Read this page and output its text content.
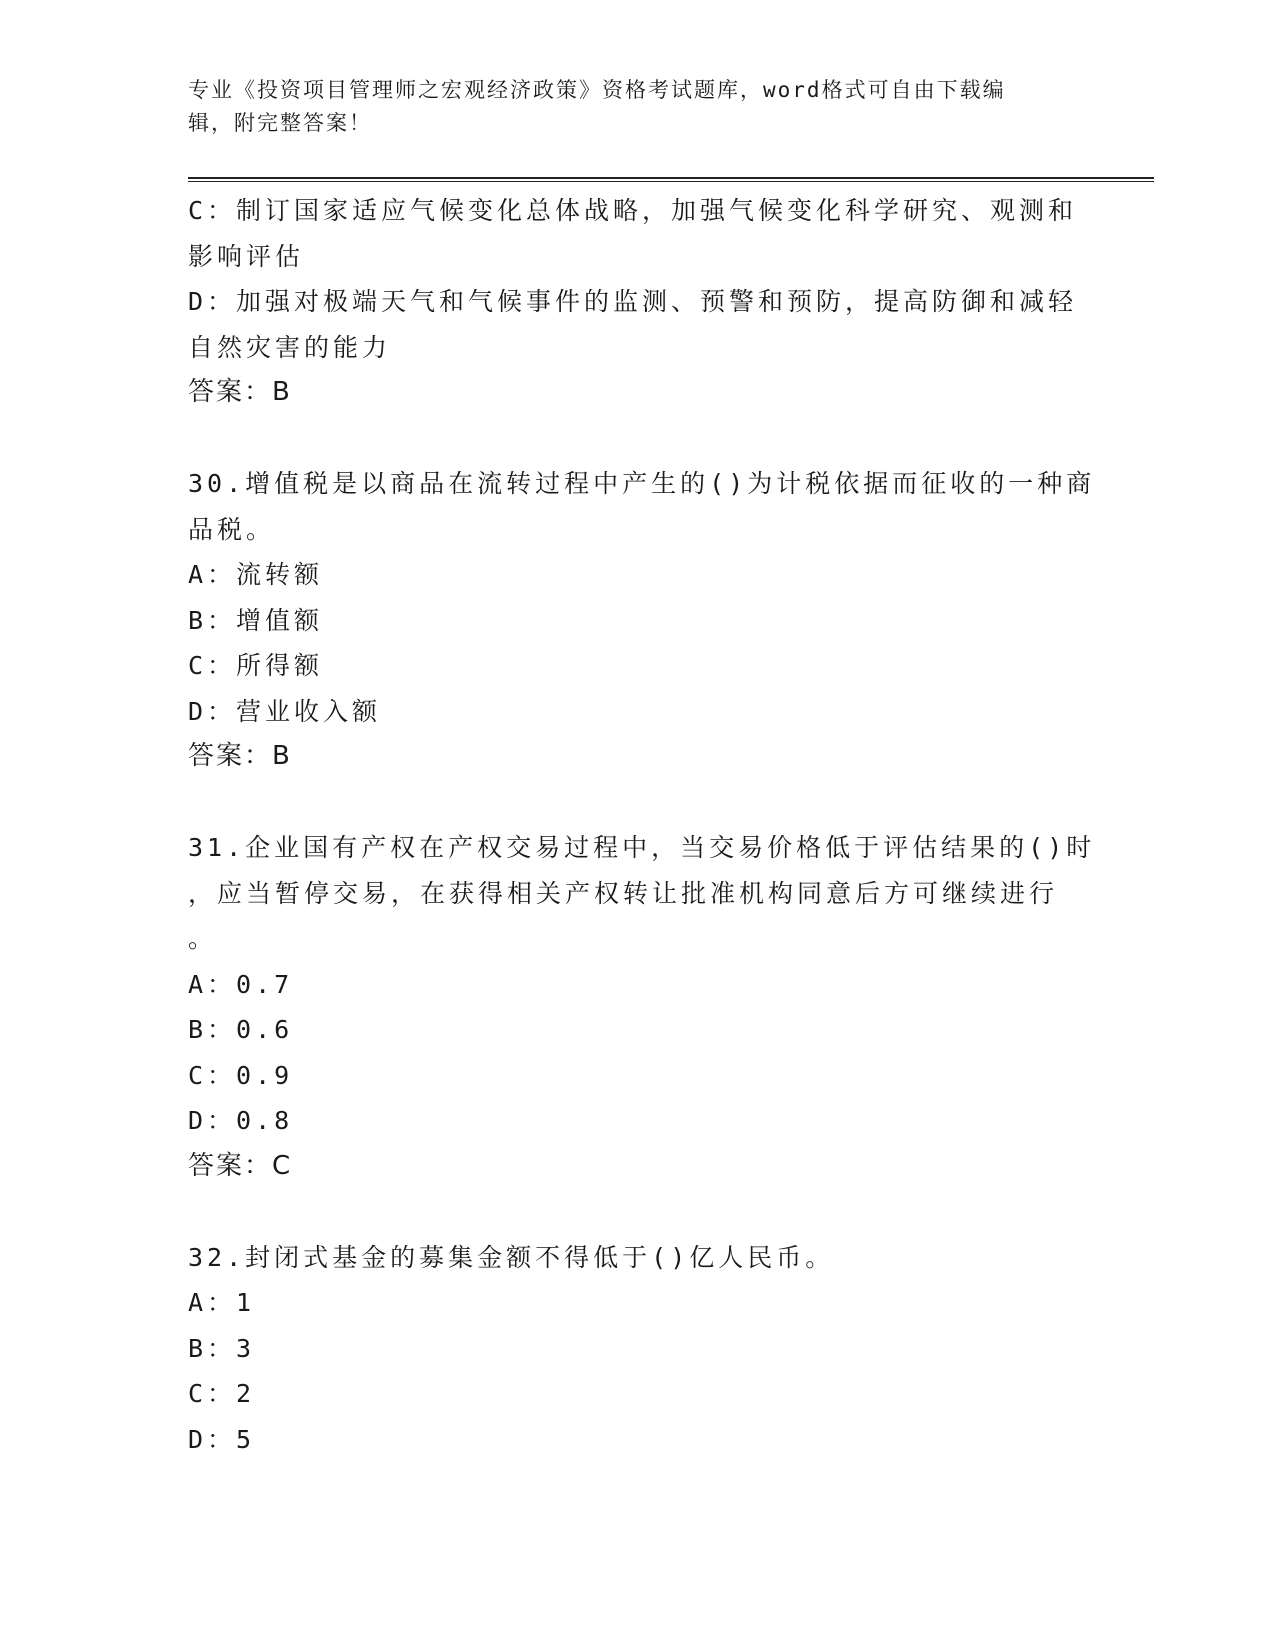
专业《投资项目管理师之宏观经济政策》资格考试题库，word格式可自由下载编
辑，附完整答案！
C：制订国家适应气候变化总体战略，加强气候变化科学研究、观测和
影响评估
D：加强对极端天气和气候事件的监测、预警和预防，提高防御和减轻
自然灾害的能力
答案：B
30.增值税是以商品在流转过程中产生的()为计税依据而征收的一种商
品税。
A：流转额
B：增值额
C：所得额
D：营业收入额
答案：B
31.企业国有产权在产权交易过程中，当交易价格低于评估结果的()时
，应当暂停交易，在获得相关产权转让批准机构同意后方可继续进行
。
A：0.7
B：0.6
C：0.9
D：0.8
答案：C
32.封闭式基金的募集金额不得低于()亿人民币。
A：1
B：3
C：2
D：5
